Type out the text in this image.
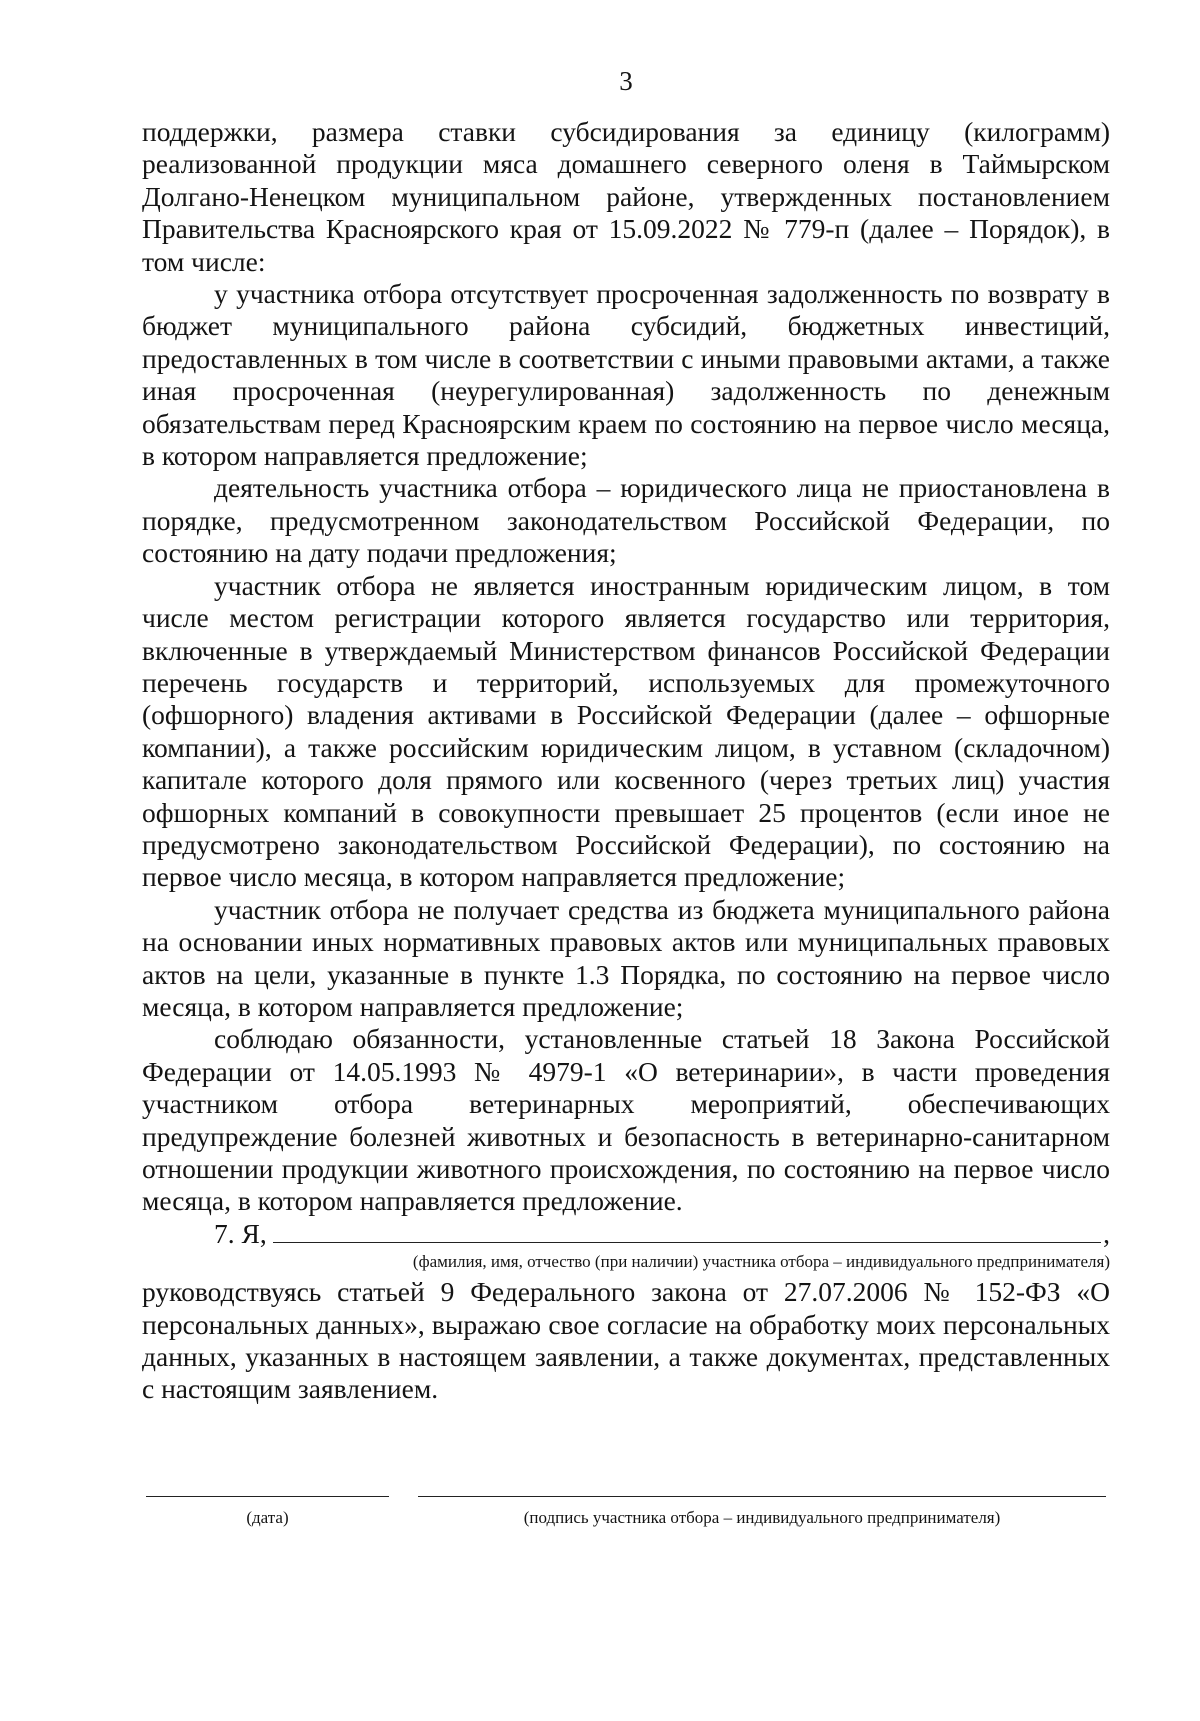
3

поддержки, размера ставки субсидирования за единицу (килограмм) реализованной продукции мяса домашнего северного оленя в Таймырском Долгано-Ненецком муниципальном районе, утвержденных постановлением Правительства Красноярского края от 15.09.2022 № 779-п (далее – Порядок), в том числе:

у участника отбора отсутствует просроченная задолженность по возврату в бюджет муниципального района субсидий, бюджетных инвестиций, предоставленных в том числе в соответствии с иными правовыми актами, а также иная просроченная (неурегулированная) задолженность по денежным обязательствам перед Красноярским краем по состоянию на первое число месяца, в котором направляется предложение;

деятельность участника отбора – юридического лица не приостановлена в порядке, предусмотренном законодательством Российской Федерации, по состоянию на дату подачи предложения;

участник отбора не является иностранным юридическим лицом, в том числе местом регистрации которого является государство или территория, включенные в утверждаемый Министерством финансов Российской Федерации перечень государств и территорий, используемых для промежуточного (офшорного) владения активами в Российской Федерации (далее – офшорные компании), а также российским юридическим лицом, в уставном (складочном) капитале которого доля прямого или косвенного (через третьих лиц) участия офшорных компаний в совокупности превышает 25 процентов (если иное не предусмотрено законодательством Российской Федерации), по состоянию на первое число месяца, в котором направляется предложение;

участник отбора не получает средства из бюджета муниципального района на основании иных нормативных правовых актов или муниципальных правовых актов на цели, указанные в пункте 1.3 Порядка, по состоянию на первое число месяца, в котором направляется предложение;

соблюдаю обязанности, установленные статьей 18 Закона Российской Федерации от 14.05.1993 № 4979-1 «О ветеринарии», в части проведения участником отбора ветеринарных мероприятий, обеспечивающих предупреждение болезней животных и безопасность в ветеринарно-санитарном отношении продукции животного происхождения, по состоянию на первое число месяца, в котором направляется предложение.

7. Я,	,
(фамилия, имя, отчество (при наличии) участника отбора – индивидуального предпринимателя)

руководствуясь статьей 9 Федерального закона от 27.07.2006 № 152-ФЗ «О персональных данных», выражаю свое согласие на обработку моих персональных данных, указанных в настоящем заявлении, а также документах, представленных с настоящим заявлением.

(дата)	(подпись участника отбора – индивидуального предпринимателя)
